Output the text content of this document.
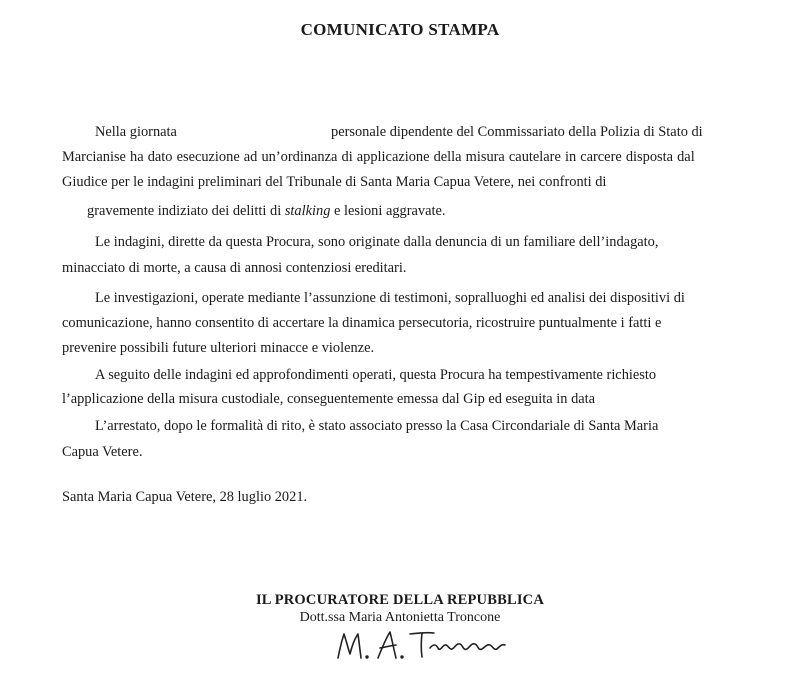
COMUNICATO STAMPA
Nella giornata	personale dipendente del Commissariato della Polizia di Stato di
Marcianise ha dato esecuzione ad un’ordinanza di applicazione della misura cautelare in carcere disposta dal
Giudice per le indagini preliminari del Tribunale di Santa Maria Capua Vetere, nei confronti di
gravemente indiziato dei delitti di stalking e lesioni aggravate.
Le indagini, dirette da questa Procura, sono originate dalla denuncia di un familiare dell’indagato,
minacciato di morte, a causa di annosi contenziosi ereditari.
Le investigazioni, operate mediante l’assunzione di testimoni, sopralluoghi ed analisi dei dispositivi di
comunicazione, hanno consentito di accertare la dinamica persecutoria, ricostruire puntualmente i fatti e
prevenire possibili future ulteriori minacce e violenze.
A seguito delle indagini ed approfondimenti operati, questa Procura ha tempestivamente richiesto
l’applicazione della misura custodiale, conseguentemente emessa dal Gip ed eseguita in data
L’arrestato, dopo le formalità di rito, è stato associato presso la Casa Circondariale di Santa Maria
Capua Vetere.
Santa Maria Capua Vetere, 28 luglio 2021.
IL PROCURATORE DELLA REPUBBLICA
Dott.ssa Maria Antonietta Troncone
